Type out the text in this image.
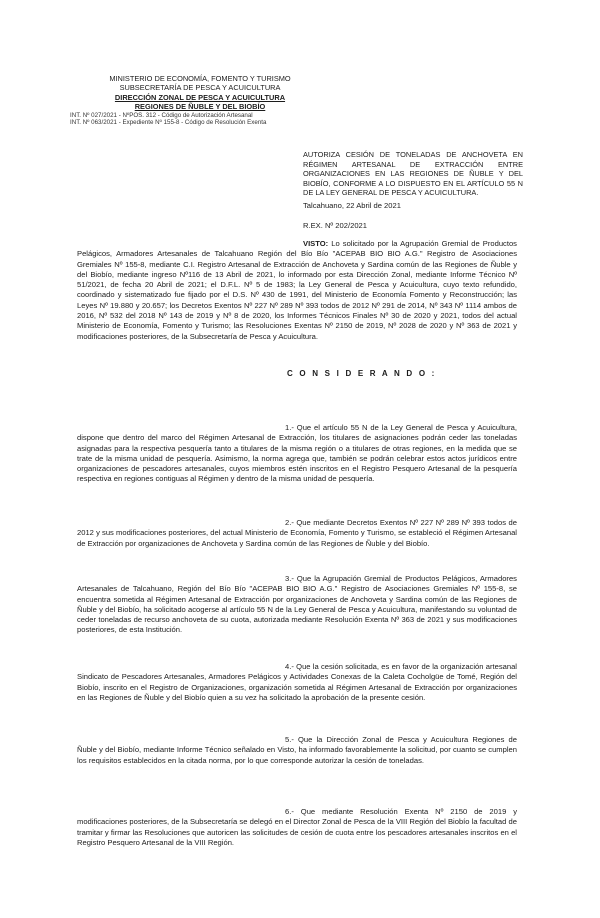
MINISTERIO DE ECONOMÍA, FOMENTO Y TURISMO
SUBSECRETARÍA DE PESCA Y ACUICULTURA
DIRECCIÓN ZONAL DE PESCA Y ACUICULTURA
REGIONES DE ÑUBLE Y DEL BIOBÍO
INT. Nº 027/2021 - NºPOS. 312 - Código de Autorización Artesanal
INT. Nº 063/2021 - Expediente Nº 155-8 - Código de Resolución Exenta
AUTORIZA CESIÓN DE TONELADAS DE ANCHOVETA EN RÉGIMEN ARTESANAL DE EXTRACCIÓN ENTRE ORGANIZACIONES EN LAS REGIONES DE ÑUBLE Y DEL BIOBÍO, CONFORME A LO DISPUESTO EN EL ARTÍCULO 55 N DE LA LEY GENERAL DE PESCA Y ACUICULTURA.
Talcahuano, 22 Abril de 2021
R.EX. Nº 202/2021
VISTO: Lo solicitado por la Agrupación Gremial de Productos Pelágicos, Armadores Artesanales de Talcahuano Región del Bío Bío "ACEPAB BIO BIO A.G." Registro de Asociaciones Gremiales Nº 155-8, mediante C.I. Registro Artesanal de Extracción de Anchoveta y Sardina común de las Regiones de Ñuble y del Biobío, mediante ingreso Nº116 de 13 Abril de 2021, lo informado por esta Dirección Zonal, mediante Informe Técnico Nº 51/2021, de fecha 20 Abril de 2021; el D.F.L. Nº 5 de 1983; la Ley General de Pesca y Acuicultura, cuyo texto refundido, coordinado y sistematizado fue fijado por el D.S. Nº 430 de 1991, del Ministerio de Economía Fomento y Reconstrucción; las Leyes Nº 19.880 y 20.657; los Decretos Exentos Nº 227 Nº 289 Nº 393 todos de 2012 Nº 291 de 2014, Nº 343 Nº 1114 ambos de 2016, Nº 532 del 2018 Nº 143 de 2019 y Nº 8 de 2020, los Informes Técnicos Finales Nº 30 de 2020 y 2021, todos del actual Ministerio de Economía, Fomento y Turismo; las Resoluciones Exentas Nº 2150 de 2019, Nº 2028 de 2020 y Nº 363 de 2021 y modificaciones posteriores, de la Subsecretaría de Pesca y Acuicultura.
C O N S I D E R A N D O :
1.- Que el artículo 55 N de la Ley General de Pesca y Acuicultura, dispone que dentro del marco del Régimen Artesanal de Extracción, los titulares de asignaciones podrán ceder las toneladas asignadas para la respectiva pesquería tanto a titulares de la misma región o a titulares de otras regiones, en la medida que se trate de la misma unidad de pesquería. Asimismo, la norma agrega que, también se podrán celebrar estos actos jurídicos entre organizaciones de pescadores artesanales, cuyos miembros estén inscritos en el Registro Pesquero Artesanal de la pesquería respectiva en regiones contiguas al Régimen y dentro de la misma unidad de pesquería.
2.- Que mediante Decretos Exentos Nº 227 Nº 289 Nº 393 todos de 2012 y sus modificaciones posteriores, del actual Ministerio de Economía, Fomento y Turismo, se estableció el Régimen Artesanal de Extracción por organizaciones de Anchoveta y Sardina común de las Regiones de Ñuble y del Biobío.
3.- Que la Agrupación Gremial de Productos Pelágicos, Armadores Artesanales de Talcahuano, Región del Bío Bío "ACEPAB BIO BIO A.G." Registro de Asociaciones Gremiales Nº 155-8, se encuentra sometida al Régimen Artesanal de Extracción por organizaciones de Anchoveta y Sardina común de las Regiones de Ñuble y del Biobío, ha solicitado acogerse al artículo 55 N de la Ley General de Pesca y Acuicultura, manifestando su voluntad de ceder toneladas de recurso anchoveta de su cuota, autorizada mediante Resolución Exenta Nº 363 de 2021 y sus modificaciones posteriores, de esta Institución.
4.- Que la cesión solicitada, es en favor de la organización artesanal Sindicato de Pescadores Artesanales, Armadores Pelágicos y Actividades Conexas de la Caleta Cocholgüe de Tomé, Región del Biobío, inscrito en el Registro de Organizaciones, organización sometida al Régimen Artesanal de Extracción por organizaciones en las Regiones de Ñuble y del Biobío quien a su vez ha solicitado la aprobación de la presente cesión.
5.- Que la Dirección Zonal de Pesca y Acuicultura Regiones de Ñuble y del Biobío, mediante Informe Técnico señalado en Visto, ha informado favorablemente la solicitud, por cuanto se cumplen los requisitos establecidos en la citada norma, por lo que corresponde autorizar la cesión de toneladas.
6.- Que mediante Resolución Exenta Nº 2150 de 2019 y modificaciones posteriores, de la Subsecretaría se delegó en el Director Zonal de Pesca de la VIII Región del Biobío la facultad de tramitar y firmar las Resoluciones que autoricen las solicitudes de cesión de cuota entre los pescadores artesanales inscritos en el Registro Pesquero Artesanal de la VIII Región.
